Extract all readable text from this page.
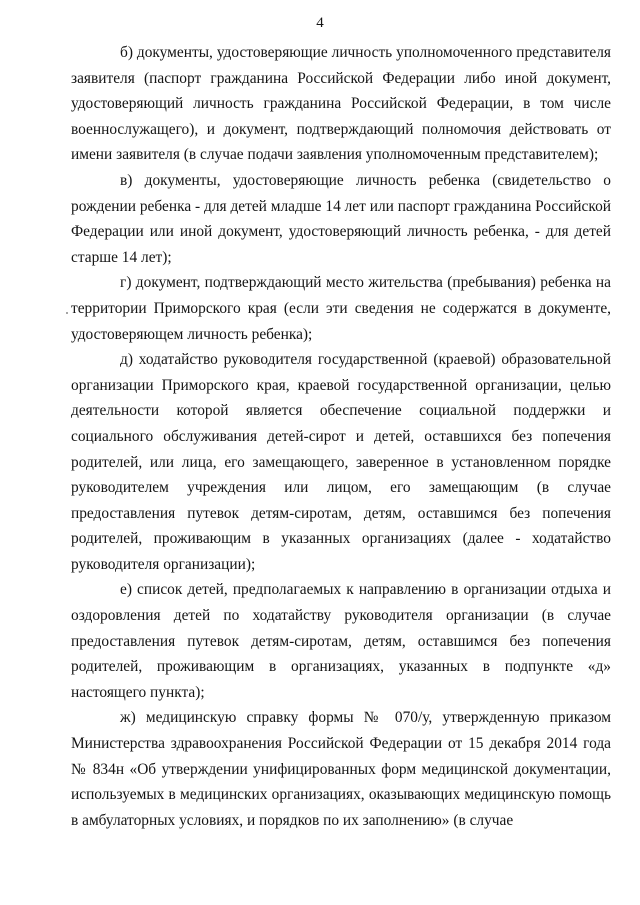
4

б) документы, удостоверяющие личность уполномоченного представителя заявителя (паспорт гражданина Российской Федерации либо иной документ, удостоверяющий личность гражданина Российской Федерации, в том числе военнослужащего), и документ, подтверждающий полномочия действовать от имени заявителя (в случае подачи заявления уполномоченным представителем);

в) документы, удостоверяющие личность ребенка (свидетельство о рождении ребенка - для детей младше 14 лет или паспорт гражданина Российской Федерации или иной документ, удостоверяющий личность ребенка, - для детей старше 14 лет);

г) документ, подтверждающий место жительства (пребывания) ребенка на территории Приморского края (если эти сведения не содержатся в документе, удостоверяющем личность ребенка);

д) ходатайство руководителя государственной (краевой) образовательной организации Приморского края, краевой государственной организации, целью деятельности которой является обеспечение социальной поддержки и социального обслуживания детей-сирот и детей, оставшихся без попечения родителей, или лица, его замещающего, заверенное в установленном порядке руководителем учреждения или лицом, его замещающим (в случае предоставления путевок детям-сиротам, детям, оставшимся без попечения родителей, проживающим в указанных организациях (далее - ходатайство руководителя организации);

е) список детей, предполагаемых к направлению в организации отдыха и оздоровления детей по ходатайству руководителя организации (в случае предоставления путевок детям-сиротам, детям, оставшимся без попечения родителей, проживающим в организациях, указанных в подпункте «д» настоящего пункта);

ж) медицинскую справку формы № 070/у, утвержденную приказом Министерства здравоохранения Российской Федерации от 15 декабря 2014 года № 834н «Об утверждении унифицированных форм медицинской документации, используемых в медицинских организациях, оказывающих медицинскую помощь в амбулаторных условиях, и порядков по их заполнению» (в случае
